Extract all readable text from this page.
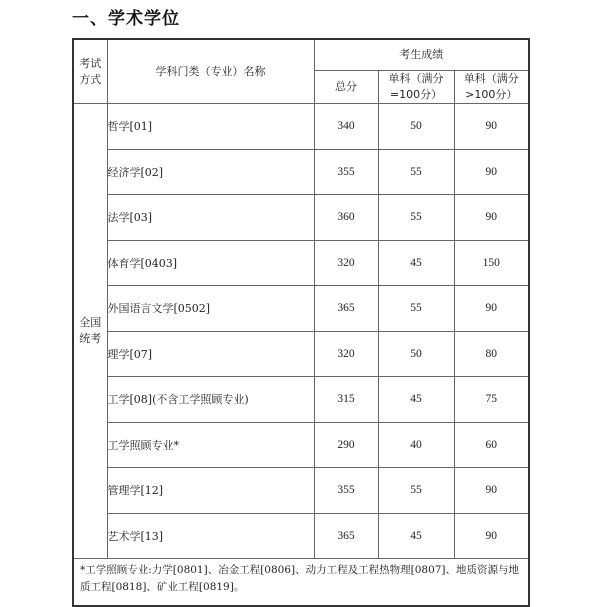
一、学术学位
考试方式	学科门类（专业）名称	考生成绩		
		总分	单科（满分=100分）	单科（满分>100分）
全国统考	哲学[01]	340	50	90
	经济学[02]	355	55	90
	法学[03]	360	55	90
	体育学[0403]	320	45	150
	外国语言文学[0502]	365	55	90
	理学[07]	320	50	80
	工学[08](不含工学照顾专业)	315	45	75
	工学照顾专业*	290	40	60
	管理学[12]	355	55	90
	艺术学[13]	365	45	90
*工学照顾专业:力学[0801]、冶金工程[0806]、动力工程及工程热物理[0807]、地质资源与地质工程[0818]、矿业工程[0819]。				
